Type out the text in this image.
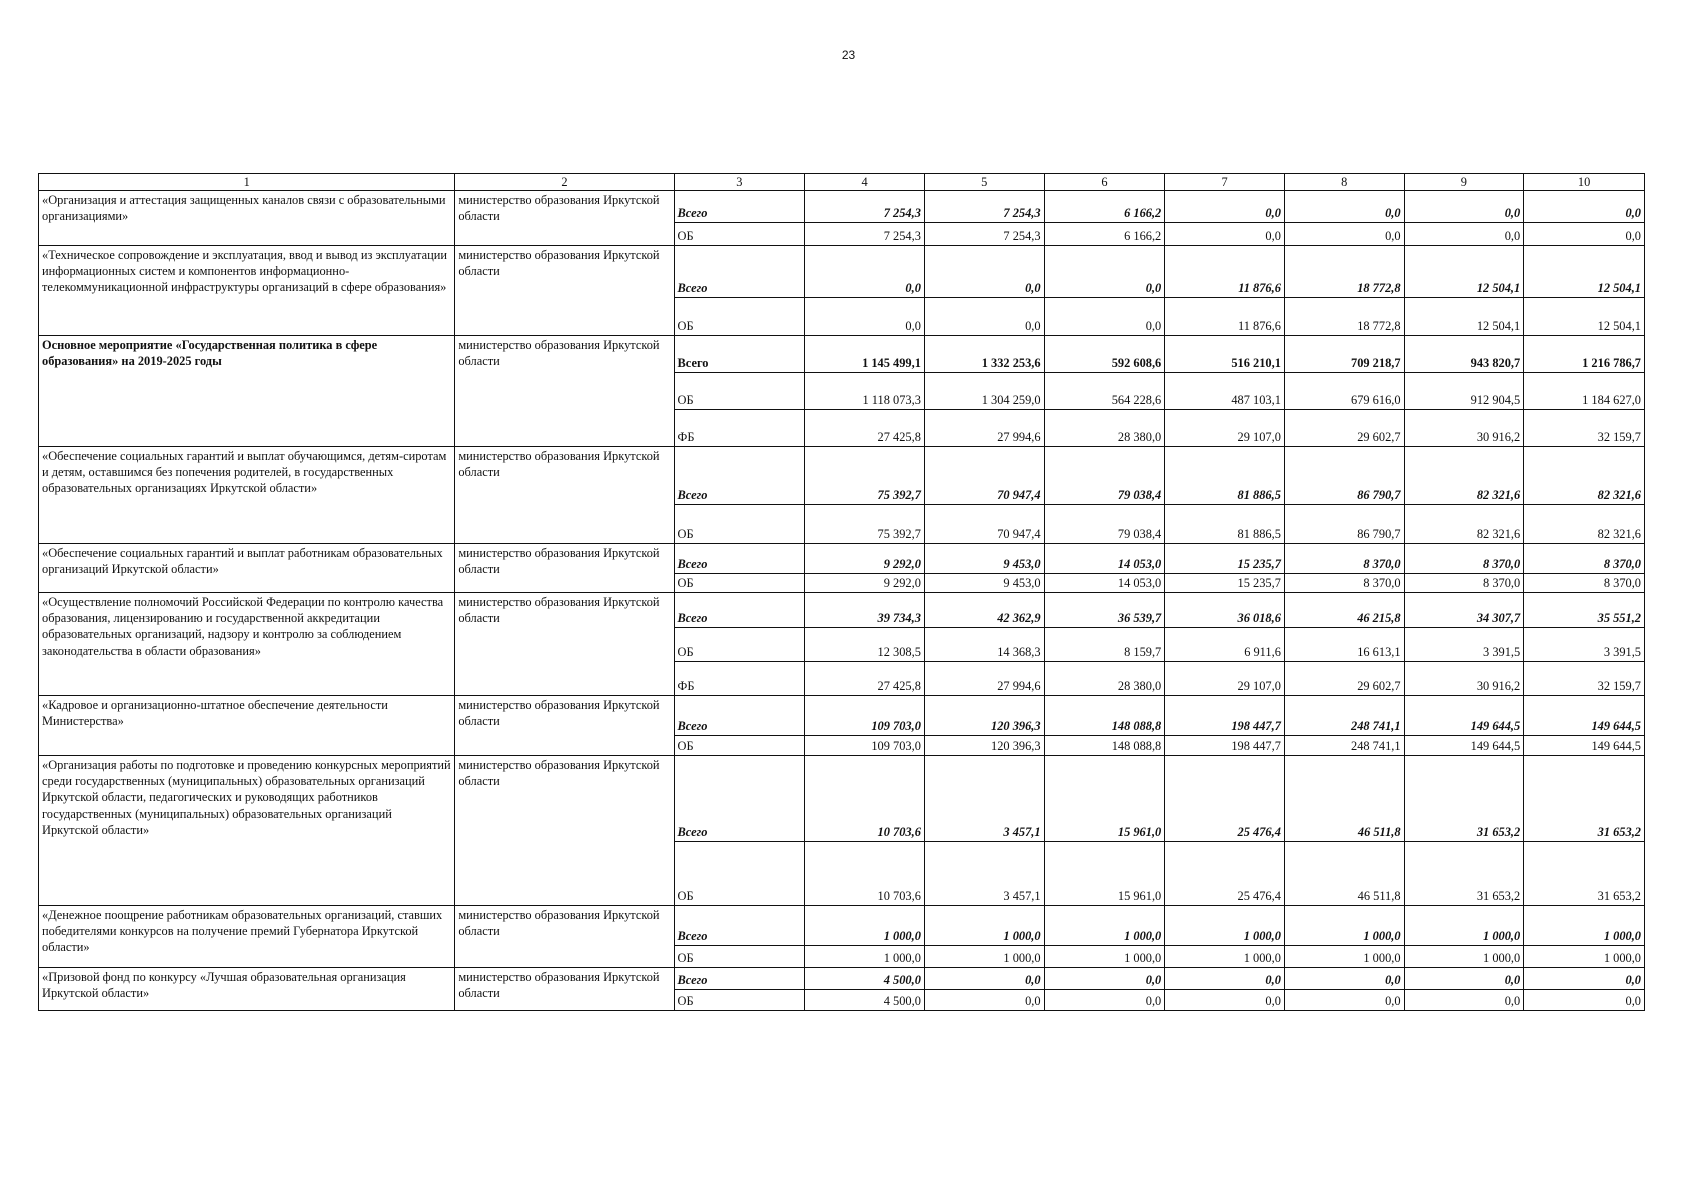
23
1	2	3	4	5	6	7	8	9	10
«Организация и аттестация защищенных каналов связи с образовательными организациями»	министерство образования Иркутской области	Всего	7 254,3	7 254,3	6 166,2	0,0	0,0	0,0	0,0
		ОБ	7 254,3	7 254,3	6 166,2	0,0	0,0	0,0	0,0
«Техническое сопровождение и эксплуатация, ввод и вывод из эксплуатации информационных систем и компонентов информационно-телекоммуникационной инфраструктуры организаций в сфере образования»	министерство образования Иркутской области	Всего	0,0	0,0	0,0	11 876,6	18 772,8	12 504,1	12 504,1
		ОБ	0,0	0,0	0,0	11 876,6	18 772,8	12 504,1	12 504,1
Основное мероприятие «Государственная политика в сфере образования» на 2019-2025 годы	министерство образования Иркутской области	Всего	1 145 499,1	1 332 253,6	592 608,6	516 210,1	709 218,7	943 820,7	1 216 786,7
		ОБ	1 118 073,3	1 304 259,0	564 228,6	487 103,1	679 616,0	912 904,5	1 184 627,0
		ФБ	27 425,8	27 994,6	28 380,0	29 107,0	29 602,7	30 916,2	32 159,7
«Обеспечение социальных гарантий и выплат обучающимся, детям-сиротам и детям, оставшимся без попечения родителей, в государственных образовательных организациях Иркутской области»	министерство образования Иркутской области	Всего	75 392,7	70 947,4	79 038,4	81 886,5	86 790,7	82 321,6	82 321,6
		ОБ	75 392,7	70 947,4	79 038,4	81 886,5	86 790,7	82 321,6	82 321,6
«Обеспечение социальных гарантий и выплат работникам образовательных организаций Иркутской области»	министерство образования Иркутской области	Всего	9 292,0	9 453,0	14 053,0	15 235,7	8 370,0	8 370,0	8 370,0
		ОБ	9 292,0	9 453,0	14 053,0	15 235,7	8 370,0	8 370,0	8 370,0
«Осуществление полномочий Российской Федерации по контролю качества образования, лицензированию и государственной аккредитации образовательных организаций, надзору и контролю за соблюдением законодательства в области образования»	министерство образования Иркутской области	Всего	39 734,3	42 362,9	36 539,7	36 018,6	46 215,8	34 307,7	35 551,2
		ОБ	12 308,5	14 368,3	8 159,7	6 911,6	16 613,1	3 391,5	3 391,5
		ФБ	27 425,8	27 994,6	28 380,0	29 107,0	29 602,7	30 916,2	32 159,7
«Кадровое и организационно-штатное обеспечение деятельности Министерства»	министерство образования Иркутской области	Всего	109 703,0	120 396,3	148 088,8	198 447,7	248 741,1	149 644,5	149 644,5
		ОБ	109 703,0	120 396,3	148 088,8	198 447,7	248 741,1	149 644,5	149 644,5
«Организация работы по подготовке и проведению конкурсных мероприятий среди государственных (муниципальных) образовательных организаций Иркутской области, педагогических и руководящих работников государственных (муниципальных) образовательных организаций Иркутской области»	министерство образования Иркутской области	Всего	10 703,6	3 457,1	15 961,0	25 476,4	46 511,8	31 653,2	31 653,2
		ОБ	10 703,6	3 457,1	15 961,0	25 476,4	46 511,8	31 653,2	31 653,2
«Денежное поощрение работникам образовательных организаций, ставших победителями конкурсов на получение премий Губернатора Иркутской области»	министерство образования Иркутской области	Всего	1 000,0	1 000,0	1 000,0	1 000,0	1 000,0	1 000,0	1 000,0
		ОБ	1 000,0	1 000,0	1 000,0	1 000,0	1 000,0	1 000,0	1 000,0
«Призовой фонд по конкурсу «Лучшая образовательная организация Иркутской области»	министерство образования Иркутской области	Всего	4 500,0	0,0	0,0	0,0	0,0	0,0	0,0
		ОБ	4 500,0	0,0	0,0	0,0	0,0	0,0	0,0
